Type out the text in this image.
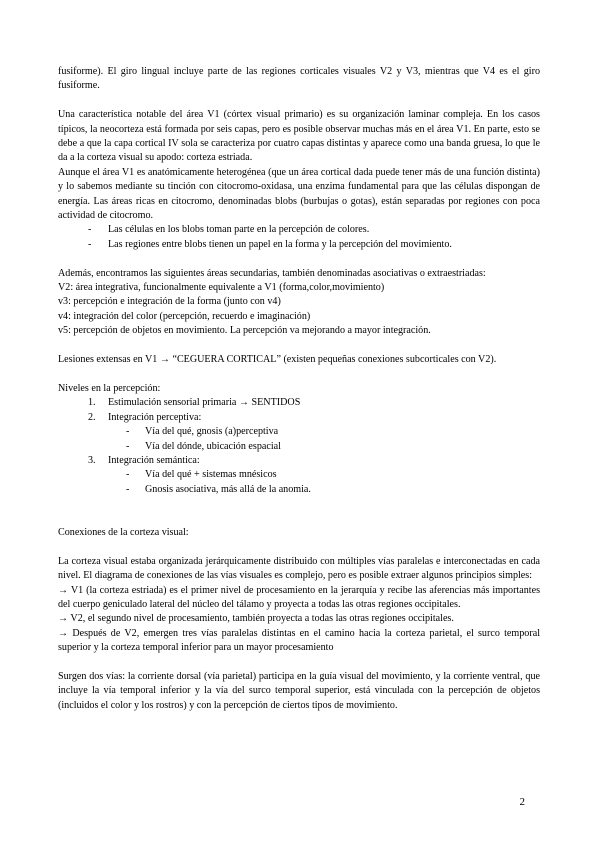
fusiforme). El giro lingual incluye parte de las regiones corticales visuales V2 y V3, mientras que V4 es el giro fusiforme.

Una característica notable del área V1 (córtex visual primario) es su organización laminar compleja. En los casos típicos, la neocorteza está formada por seis capas, pero es posible observar muchas más en el área V1. En parte, esto se debe a que la capa cortical IV sola se caracteriza por cuatro capas distintas y aparece como una banda gruesa, lo que le da a la corteza visual su apodo: corteza estriada.

Aunque el área V1 es anatómicamente heterogénea (que un área cortical dada puede tener más de una función distinta) y lo sabemos mediante su tinción con citocromo-oxidasa, una enzima fundamental para que las células dispongan de energía. Las áreas ricas en citocromo, denominadas blobs (burbujas o gotas), están separadas por regiones con poca actividad de citocromo.

- Las células en los blobs toman parte en la percepción de colores.
- Las regiones entre blobs tienen un papel en la forma y la percepción del movimiento.

Además, encontramos las siguientes áreas secundarias, también denominadas asociativas o extraestriadas:

V2: área integrativa, funcionalmente equivalente a V1 (forma,color,movimiento)

v3: percepción e integración de la forma (junto con v4)

v4: integración del color (percepción, recuerdo e imaginación)

v5: percepción de objetos en movimiento. La percepción va mejorando a mayor integración.

Lesiones extensas en V1 → “CEGUERA CORTICAL” (existen pequeñas conexiones subcorticales con V2).

Niveles en la percepción:

1. Estimulación sensorial primaria → SENTIDOS
2. Integración perceptiva:
- Vía del qué, gnosis (a)perceptiva
- Vía del dónde, ubicación espacial
3. Integración semántica:
- Vía del qué + sistemas mnésicos
- Gnosis asociativa, más allá de la anomia.

Conexiones de la corteza visual:

La corteza visual estaba organizada jerárquicamente distribuido con múltiples vías paralelas e interconectadas en cada nivel. El diagrama de conexiones de las vías visuales es complejo, pero es posible extraer algunos principios simples:

→ V1 (la corteza estriada) es el primer nivel de procesamiento en la jerarquía y recibe las aferencias más importantes del cuerpo geniculado lateral del núcleo del tálamo y proyecta a todas las otras regiones occipitales.

→ V2, el segundo nivel de procesamiento, también proyecta a todas las otras regiones occipitales.

→ Después de V2, emergen tres vías paralelas distintas en el camino hacia la corteza parietal, el surco temporal superior y la corteza temporal inferior para un mayor procesamiento

Surgen dos vías: la corriente dorsal (vía parietal) participa en la guía visual del movimiento, y la corriente ventral, que incluye la vía temporal inferior y la vía del surco temporal superior, está vinculada con la percepción de objetos (incluidos el color y los rostros) y con la percepción de ciertos tipos de movimiento.

2
